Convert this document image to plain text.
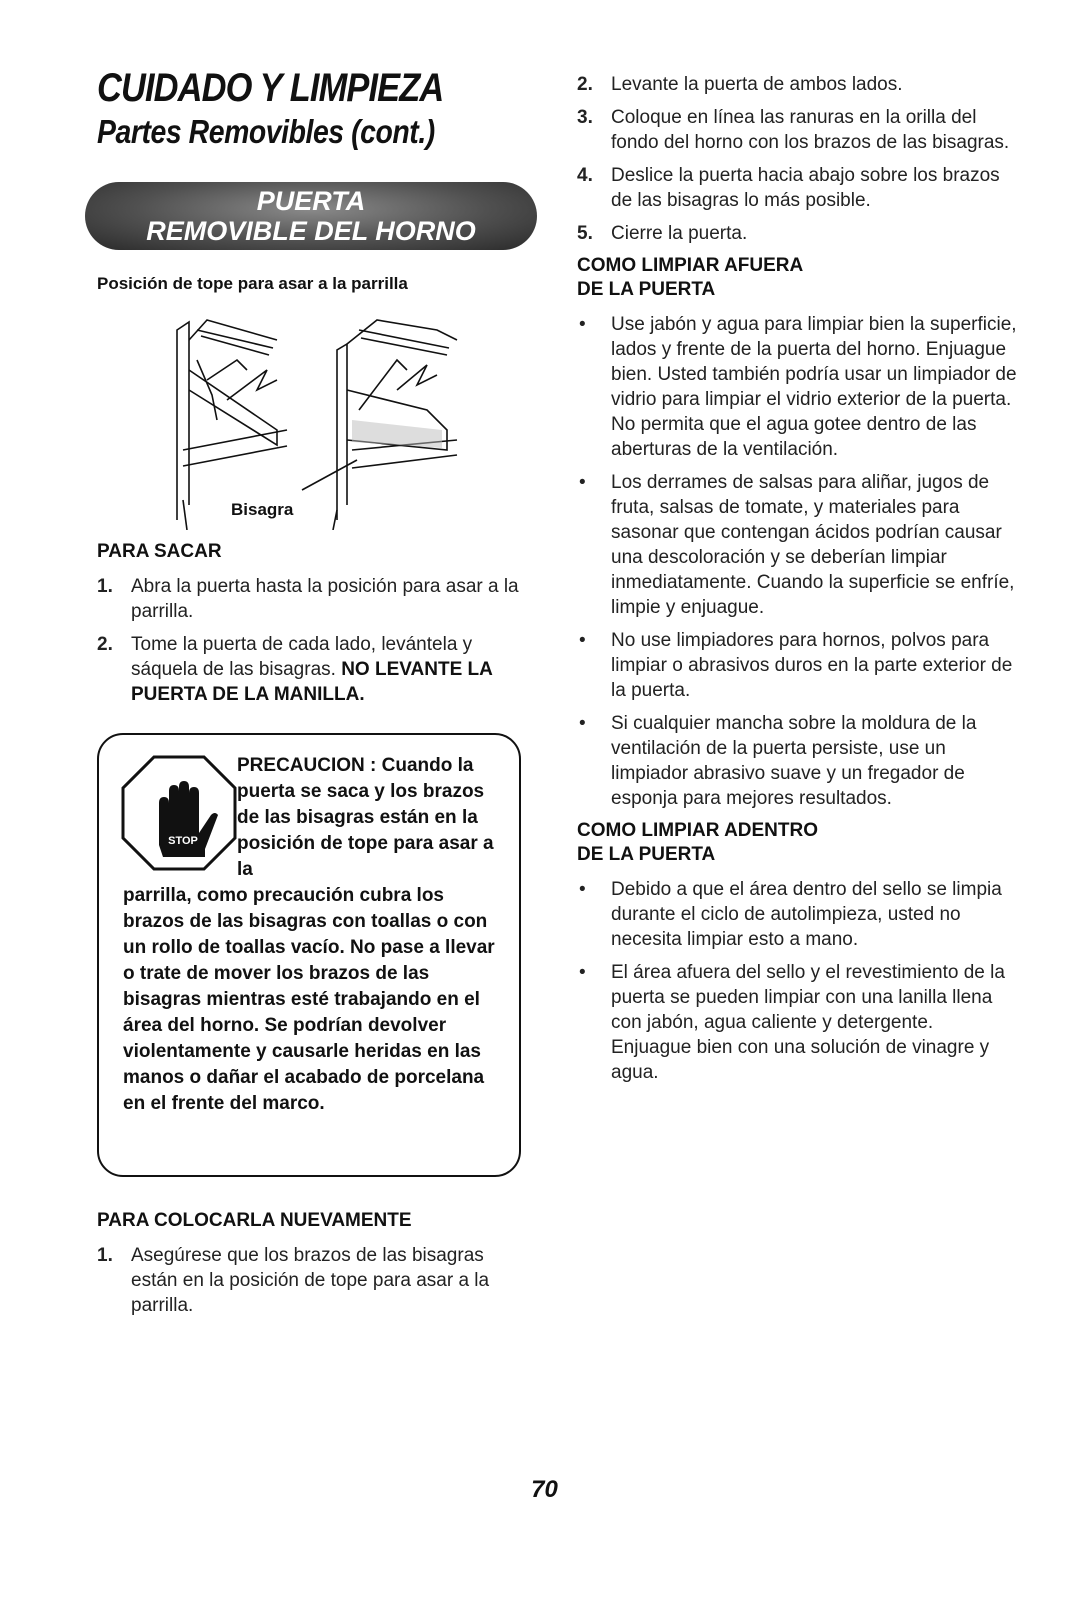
CUIDADO Y LIMPIEZA
Partes Removibles (cont.)
PUERTA
REMOVIBLE DEL HORNO
Posición de tope para asar a la parrilla
Bisagra
PARA SACAR
1. Abra la puerta hasta la posición para asar a la parrilla.
2. Tome la puerta de cada lado, levántela y sáquela de las bisagras. NO LEVANTE LA PUERTA DE LA MANILLA.
STOP
PRECAUCION : Cuando la puerta se saca y los brazos de las bisagras están en la posición de tope para asar a la
parrilla, como precaución cubra los brazos de las bisagras con toallas o con un rollo de toallas vacío. No pase a llevar o trate de mover los brazos de las bisagras mientras esté trabajando en el área del horno. Se podrían devolver violentamente y causarle heridas en las manos o dañar el acabado de porcelana en el frente del marco.
PARA COLOCARLA NUEVAMENTE
1. Asegúrese que los brazos de las bisagras están en la posición de tope para asar a la parrilla.
2. Levante la puerta de ambos lados.
3. Coloque en línea las ranuras en la orilla del fondo del horno con los brazos de las bisagras.
4. Deslice la puerta hacia abajo sobre los brazos de las bisagras lo más posible.
5. Cierre la puerta.
COMO LIMPIAR AFUERA
DE LA PUERTA
• Use jabón y agua para limpiar bien la superficie, lados y frente de la puerta del horno. Enjuague bien. Usted también podría usar un limpiador de vidrio para limpiar el vidrio exterior de la puerta. No permita que el agua gotee dentro de las aberturas de la ventilación.
• Los derrames de salsas para aliñar, jugos de fruta, salsas de tomate, y materiales para sasonar que contengan ácidos podrían causar una descoloración y se deberían limpiar inmediatamente. Cuando la superficie se enfríe, limpie y enjuague.
• No use limpiadores para hornos, polvos para limpiar o abrasivos duros en la parte exterior de la puerta.
• Si cualquier mancha sobre la moldura de la ventilación de la puerta persiste, use un limpiador abrasivo suave y un fregador de esponja para mejores resultados.
COMO LIMPIAR ADENTRO
DE LA PUERTA
• Debido a que el área dentro del sello se limpia durante el ciclo de autolimpieza, usted no necesita limpiar esto a mano.
• El área afuera del sello y el revestimiento de la puerta se pueden limpiar con una lanilla llena con jabón, agua caliente y detergente. Enjuague bien con una solución de vinagre y agua.
70
